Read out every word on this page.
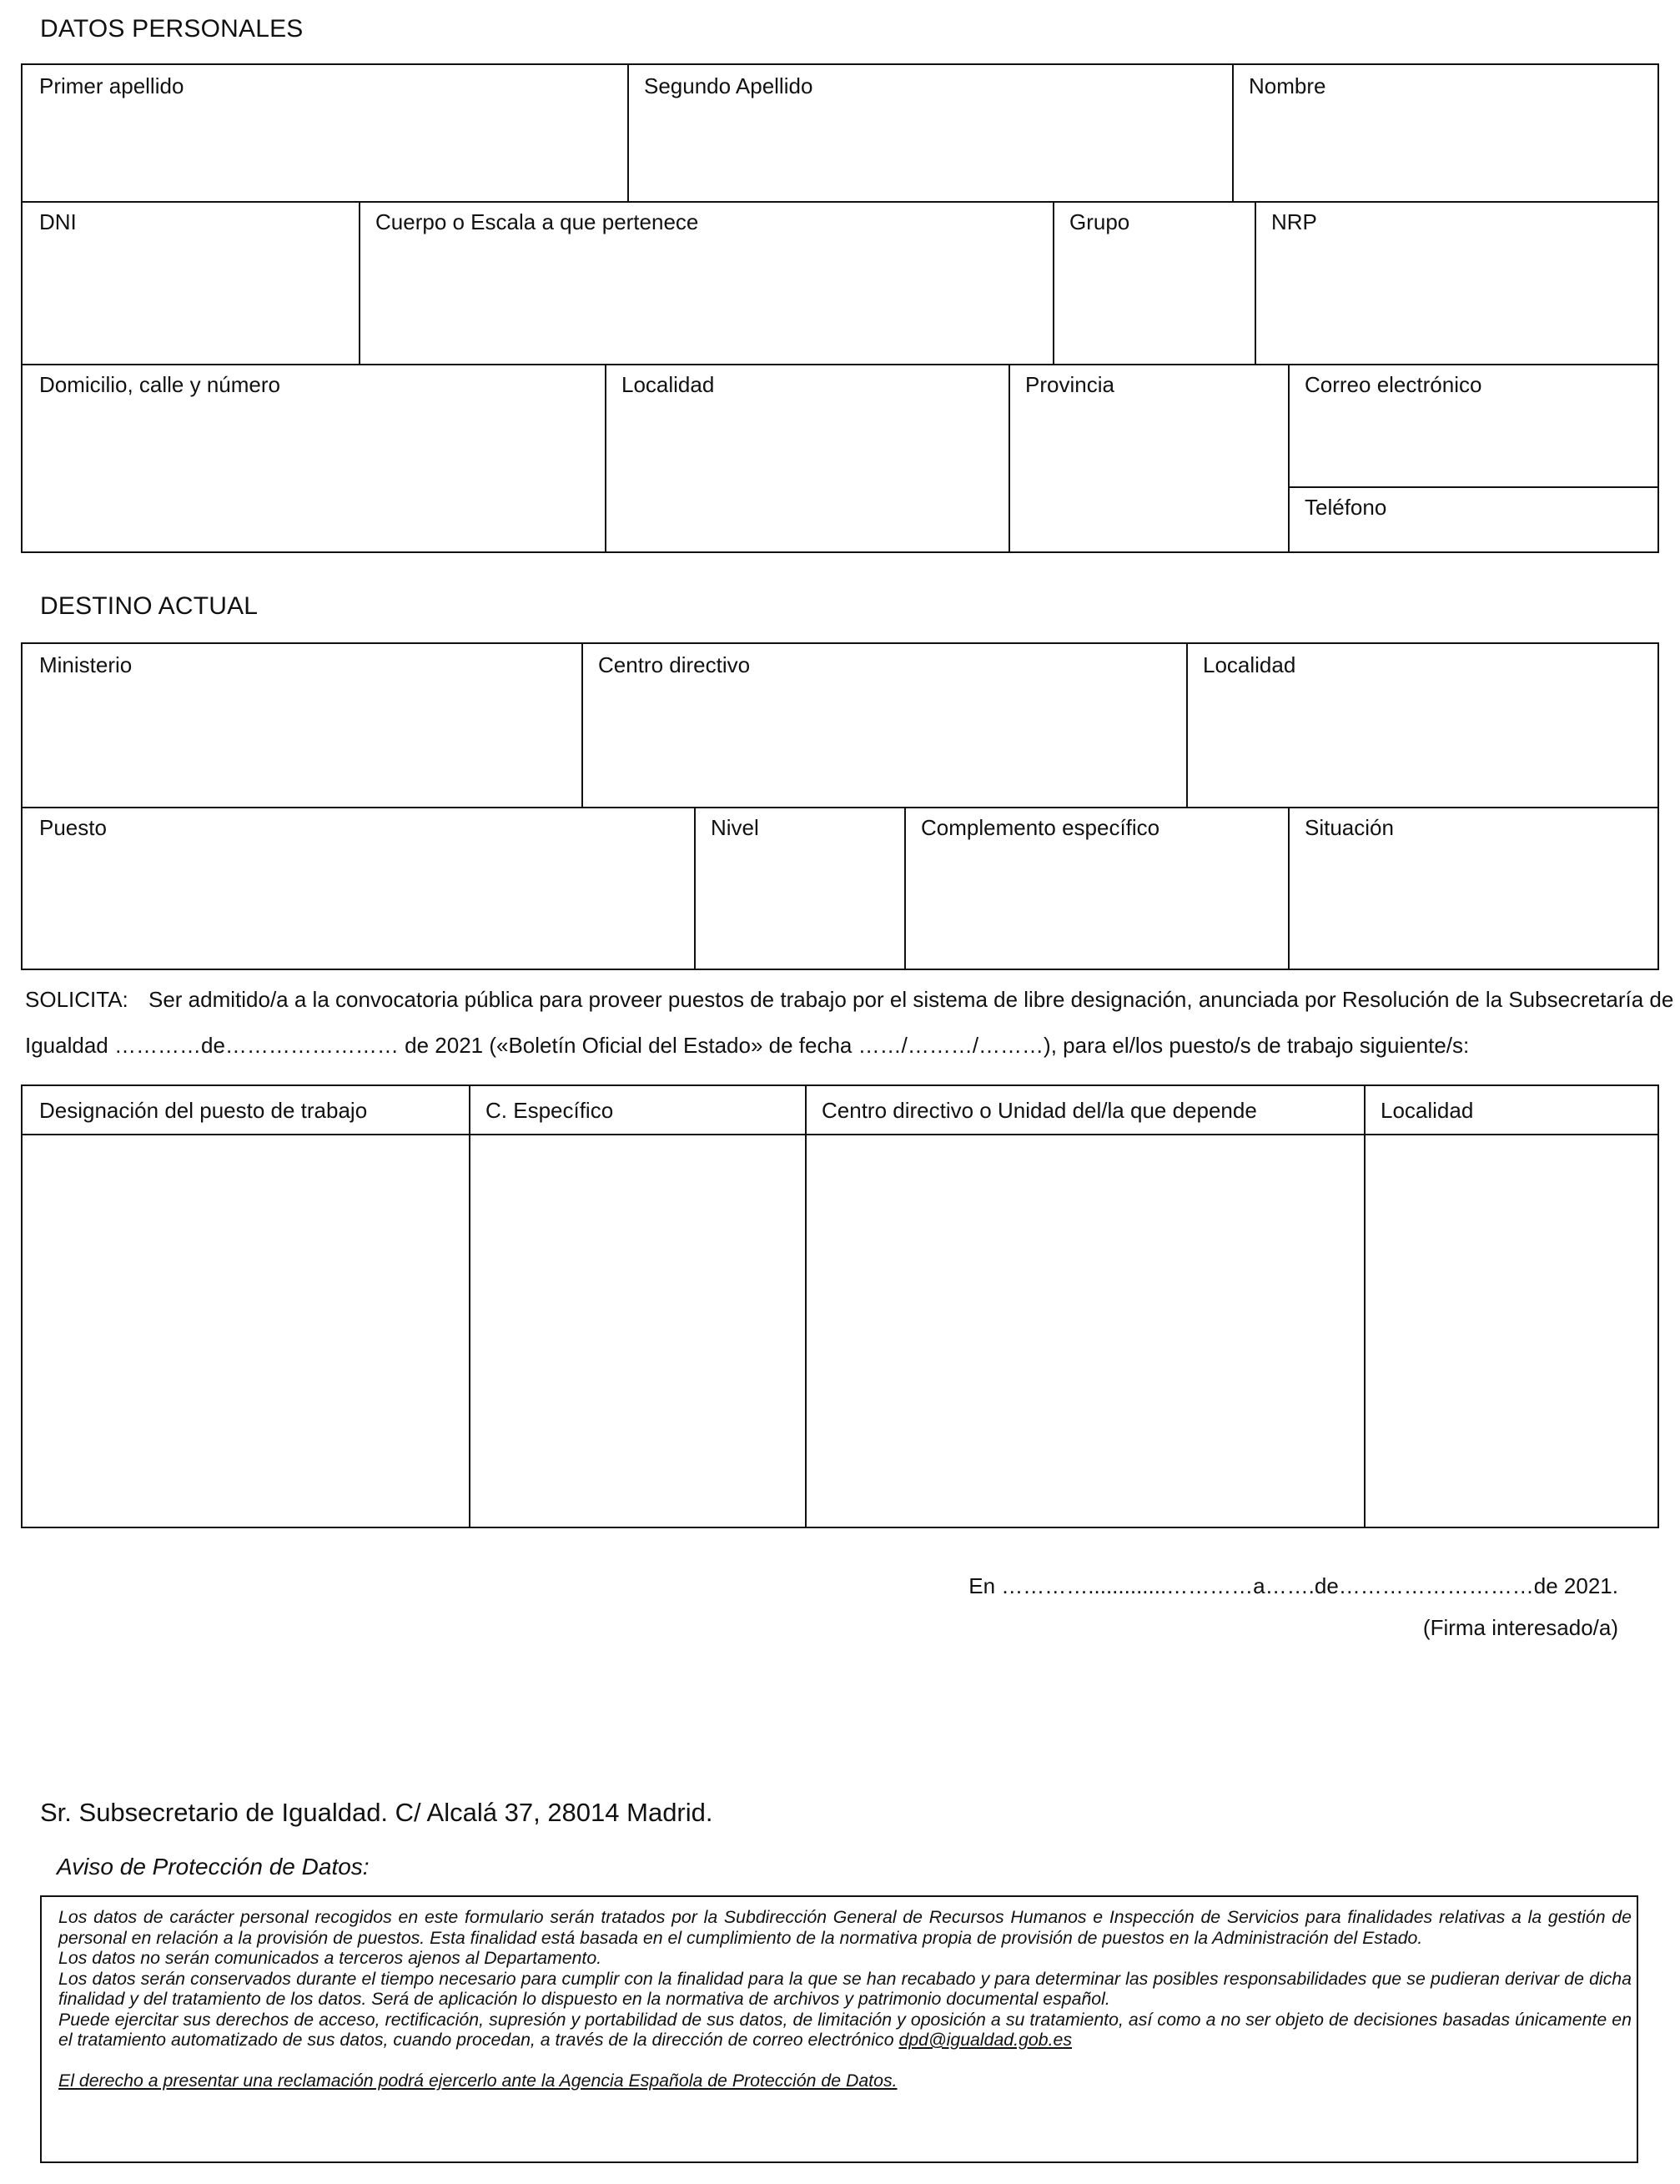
DATOS PERSONALES
Primer apellido	Segundo Apellido	Nombre
DNI	Cuerpo o Escala a que pertenece	Grupo	NRP
Domicilio, calle y número	Localidad	Provincia	Correo electrónico
Teléfono
DESTINO ACTUAL
Ministerio	Centro directivo	Localidad
Puesto	Nivel	Complemento específico	Situación
SOLICITA: Ser admitido/a a la convocatoria pública para proveer puestos de trabajo por el sistema de libre designación, anunciada por Resolución de la Subsecretaría de
Igualdad …………de…………………… de 2021 («Boletín Oficial del Estado» de fecha ……/………/………), para el/los puesto/s de trabajo siguiente/s:
Designación del puesto de trabajo	C. Específico	Centro directivo o Unidad del/la que depende	Localidad
En ………….............…………a…….de………………………de 2021.
(Firma interesado/a)
Sr. Subsecretario de Igualdad. C/ Alcalá 37, 28014 Madrid.
Aviso de Protección de Datos:

Los datos de carácter personal recogidos en este formulario serán tratados por la Subdirección General de Recursos Humanos e Inspección de Servicios para finalidades relativas a la gestión de personal en relación a la provisión de puestos. Esta finalidad está basada en el cumplimiento de la normativa propia de provisión de puestos en la Administración del Estado.

Los datos no serán comunicados a terceros ajenos al Departamento.

Los datos serán conservados durante el tiempo necesario para cumplir con la finalidad para la que se han recabado y para determinar las posibles responsabilidades que se pudieran derivar de dicha finalidad y del tratamiento de los datos. Será de aplicación lo dispuesto en la normativa de archivos y patrimonio documental español.

Puede ejercitar sus derechos de acceso, rectificación, supresión y portabilidad de sus datos, de limitación y oposición a su tratamiento, así como a no ser objeto de decisiones basadas únicamente en el tratamiento automatizado de sus datos, cuando procedan, a través de la dirección de correo electrónico dpd@igualdad.gob.es

El derecho a presentar una reclamación podrá ejercerlo ante la Agencia Española de Protección de Datos.
